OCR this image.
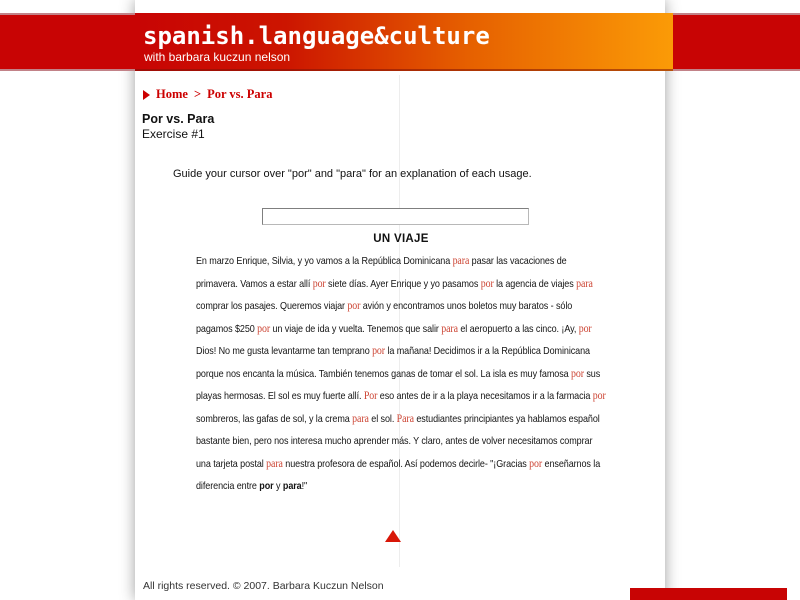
Home > Por vs. Para
Por vs. Para
Exercise #1
Guide your cursor over "por" and "para" for an explanation of each usage.
UN VIAJE
En marzo Enrique, Silvia, y yo vamos a la República Dominicana para pasar las vacaciones de
primavera. Vamos a estar allí por siete días. Ayer Enrique y yo pasamos por la agencia de viajes para
comprar los pasajes. Queremos viajar por avión y encontramos unos boletos muy baratos - sólo
pagamos $250 por un viaje de ida y vuelta. Tenemos que salir para el aeropuerto a las cinco. ¡Ay, por
Dios! No me gusta levantarme tan temprano por la mañana! Decidimos ir a la República Dominicana
porque nos encanta la música. También tenemos ganas de tomar el sol. La isla es muy famosa por sus
playas hermosas. El sol es muy fuerte allí. Por eso antes de ir a la playa necesitamos ir a la farmacia por
sombreros, las gafas de sol, y la crema para el sol. Para estudiantes principiantes ya hablamos español
bastante bien, pero nos interesa mucho aprender más. Y claro, antes de volver necesitamos comprar
una tarjeta postal para nuestra profesora de español. Así podemos decirle- "¡Gracias por enseñarnos la
diferencia entre por y para!"
All rights reserved. © 2007. Barbara Kuczun Nelson
spanish.language&culture
with barbara kuczun nelson
